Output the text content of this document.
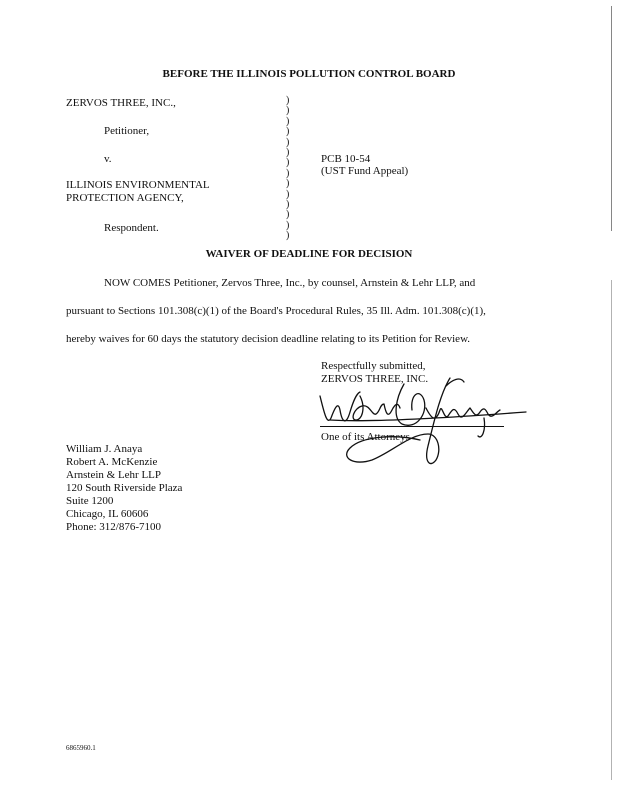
BEFORE THE ILLINOIS POLLUTION CONTROL BOARD
ZERVOS THREE, INC.,
Petitioner,
v.
ILLINOIS ENVIRONMENTAL
PROTECTION AGENCY,
Respondent.
)
)
)
)
)
)
)
)
)
)
)
)
)
)
PCB 10-54
(UST Fund Appeal)
WAIVER OF DEADLINE FOR DECISION
NOW COMES Petitioner, Zervos Three, Inc., by counsel, Arnstein & Lehr LLP, and
pursuant to Sections 101.308(c)(1) of the Board's Procedural Rules, 35 Ill. Adm. 101.308(c)(1),
hereby waives for 60 days the statutory decision deadline relating to its Petition for Review.
Respectfully submitted,
ZERVOS THREE, INC.
One of its Attorneys
William J. Anaya
Robert A. McKenzie
Arnstein & Lehr LLP
120 South Riverside Plaza
Suite 1200
Chicago, IL 60606
Phone: 312/876-7100
6865960.1
